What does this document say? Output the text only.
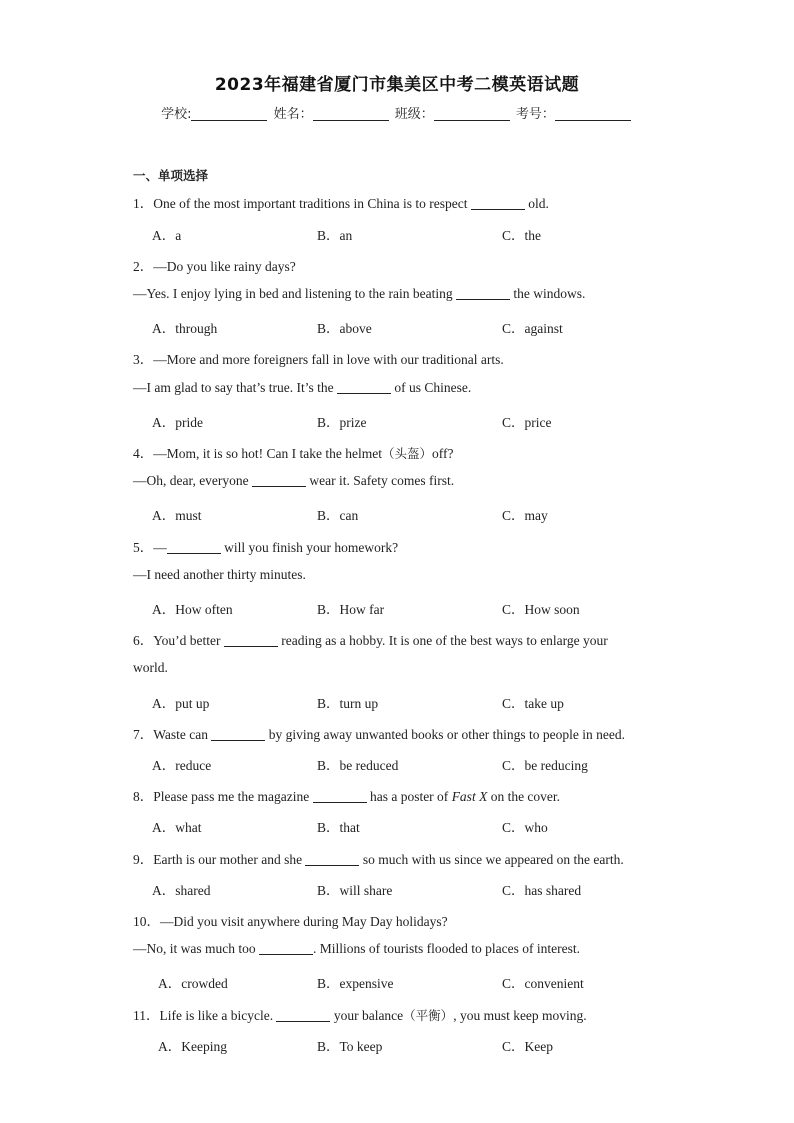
2023年福建省厦门市集美区中考二模英语试题
学校:	姓名：	班级：	考号：
一、单项选择
1．One of the most important traditions in China is to respect	old.
A．a	B．an	C．the
2．—Do you like rainy days?
—Yes. I enjoy lying in bed and listening to the rain beating	the windows.
A．through	B．above	C．against
3．—More and more foreigners fall in love with our traditional arts.
—I am glad to say that’s true. It’s the	of us Chinese.
A．pride	B．prize	C．price
4．—Mom, it is so hot! Can I take the helmet（头盔）off?
—Oh, dear, everyone	wear it. Safety comes first.
A．must	B．can	C．may
5．—	will you finish your homework?
—I need another thirty minutes.
A．How often	B．How far	C．How soon
6．You’d better	reading as a hobby. It is one of the best ways to enlarge your
world.
A．put up	B．turn up	C．take up
7．Waste can	by giving away unwanted books or other things to people in need.
A．reduce	B．be reduced	C．be reducing
8．Please pass me the magazine	has a poster of Fast X on the cover.
A．what	B．that	C．who
9．Earth is our mother and she	so much with us since we appeared on the earth.
A．shared	B．will share	C．has shared
10．—Did you visit anywhere during May Day holidays?
—No, it was much too	. Millions of tourists flooded to places of interest.
A．crowded	B．expensive	C．convenient
11．Life is like a bicycle.	your balance（平衡）, you must keep moving.
A．Keeping	B．To keep	C．Keep
